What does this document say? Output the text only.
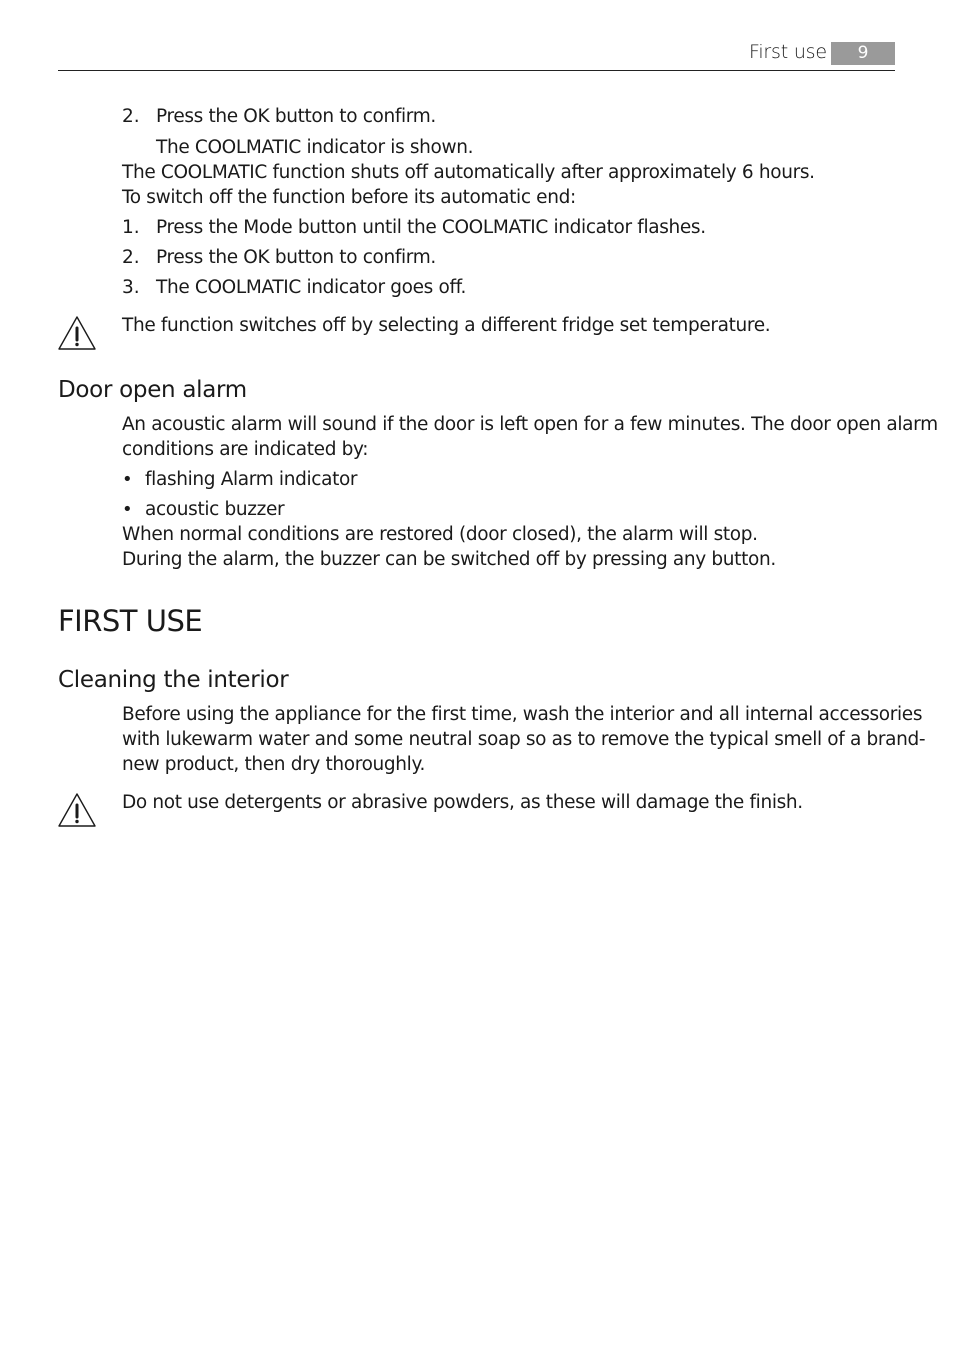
First use	9
2. Press the OK button to confirm.
The COOLMATIC indicator is shown.
The COOLMATIC function shuts off automatically after approximately 6 hours.
To switch off the function before its automatic end:
1. Press the Mode button until the COOLMATIC indicator flashes.
2. Press the OK button to confirm.
3. The COOLMATIC indicator goes off.
The function switches off by selecting a different fridge set temperature.
Door open alarm
An acoustic alarm will sound if the door is left open for a few minutes. The door open alarm
conditions are indicated by:
• flashing Alarm indicator
• acoustic buzzer
When normal conditions are restored (door closed), the alarm will stop.
During the alarm, the buzzer can be switched off by pressing any button.
FIRST USE
Cleaning the interior
Before using the appliance for the first time, wash the interior and all internal accessories
with lukewarm water and some neutral soap so as to remove the typical smell of a brand-
new product, then dry thoroughly.
Do not use detergents or abrasive powders, as these will damage the finish.
